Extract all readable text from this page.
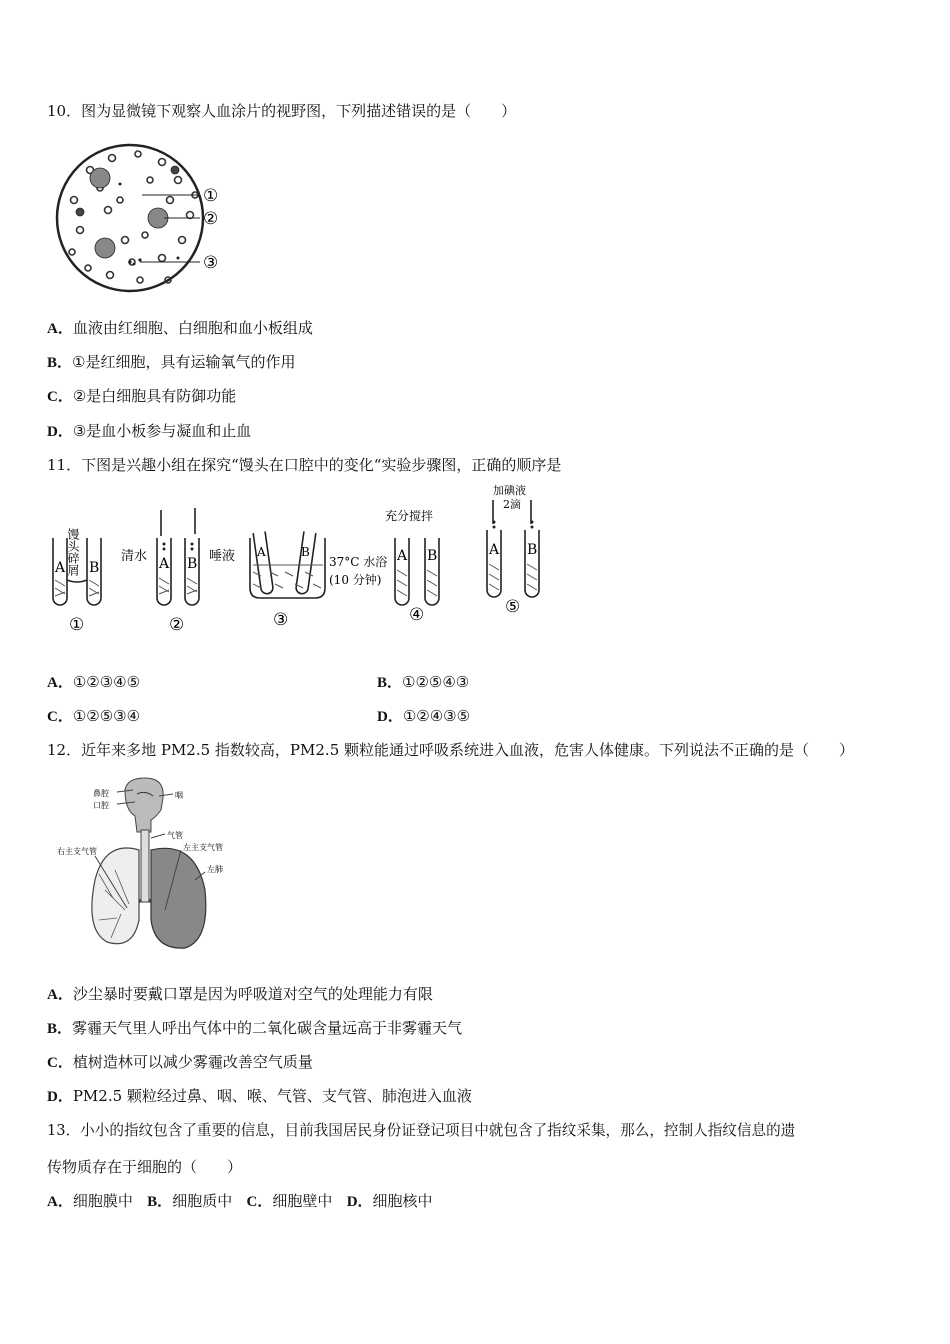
10．图为显微镜下观察人血涂片的视野图，下列描述错误的是（　　）
①
②
③
A．血液由红细胞、白细胞和血小板组成
B．①是红细胞，具有运输氧气的作用
C．②是白细胞具有防御功能
D．③是血小板参与凝血和止血
11．下图是兴趣小组在探究“馒头在口腔中的变化“实验步骤图，正确的顺序是
馒头碎屑
A B
清水 A B 唾液 A	B
37°C 水浴
(10 分钟)
充分搅拌
A B
加碘液
2滴
A B
①	②	③	④	⑤
A．①②③④⑤	B．①②⑤④③
C．①②⑤③④	D．①②④③⑤
12．近年来多地 PM2.5 指数较高，PM2.5 颗粒能通过呼吸系统进入血液，危害人体健康。下列说法不正确的是（　　）
鼻腔
口腔
咽
气管
右主支气管	左主支气管
左肺
A．沙尘暴时要戴口罩是因为呼吸道对空气的处理能力有限
B．雾霾天气里人呼出气体中的二氧化碳含量远高于非雾霾天气
C．植树造林可以减少雾霾改善空气质量
D．PM2.5 颗粒经过鼻、咽、喉、气管、支气管、肺泡进入血液
13．小小的指纹包含了重要的信息，目前我国居民身份证登记项目中就包含了指纹采集，那么，控制人指纹信息的遗
传物质存在于细胞的（　　）
A．细胞膜中 B．细胞质中 C．细胞壁中 D．细胞核中
